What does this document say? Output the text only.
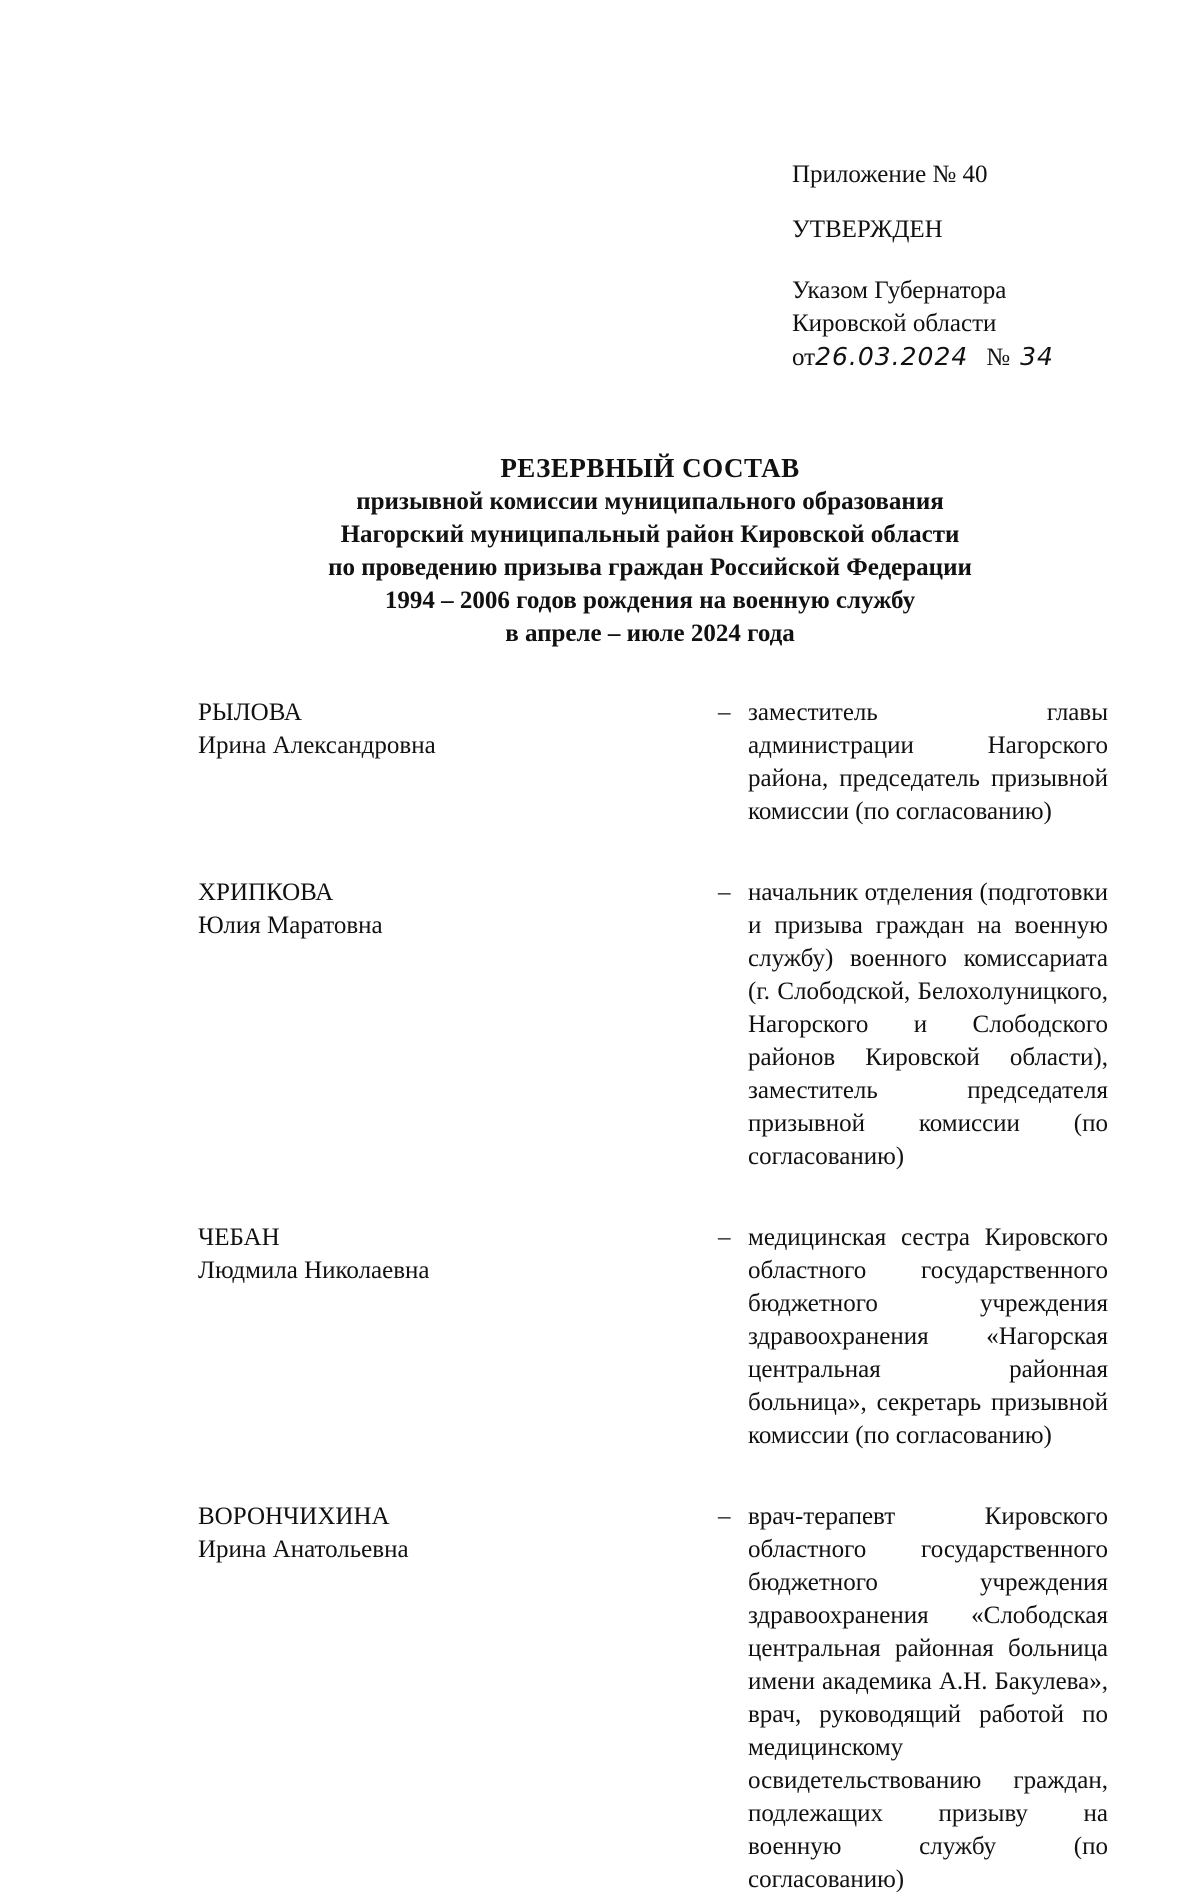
Приложение № 40
УТВЕРЖДЕН
Указом Губернатора
Кировской области
от26.03.2024 № 34
РЕЗЕРВНЫЙ СОСТАВ
призывной комиссии муниципального образования
Нагорский муниципальный район Кировской области
по проведению призыва граждан Российской Федерации
1994 – 2006 годов рождения на военную службу
в апреле – июле 2024 года
РЫЛОВА
Ирина Александровна
– заместитель главы администрации Нагорского района, председатель призывной комиссии (по согласованию)
ХРИПКОВА
Юлия Маратовна
– начальник отделения (подготовки и призыва граждан на военную службу) военного комиссариата (г. Слободской, Белохолуницкого, Нагорского и Слободского районов Кировской области), заместитель председателя призывной комиссии (по согласованию)
ЧЕБАН
Людмила Николаевна
– медицинская сестра Кировского областного государственного бюджетного учреждения здравоохранения «Нагорская центральная районная больница», секретарь призывной комиссии (по согласованию)
ВОРОНЧИХИНА
Ирина Анатольевна
– врач-терапевт Кировского областного государственного бюджетного учреждения здравоохранения «Слободская центральная районная больница имени академика А.Н. Бакулева», врач, руководящий работой по медицинскому освидетельствованию граждан, подлежащих призыву на военную службу (по согласованию)
